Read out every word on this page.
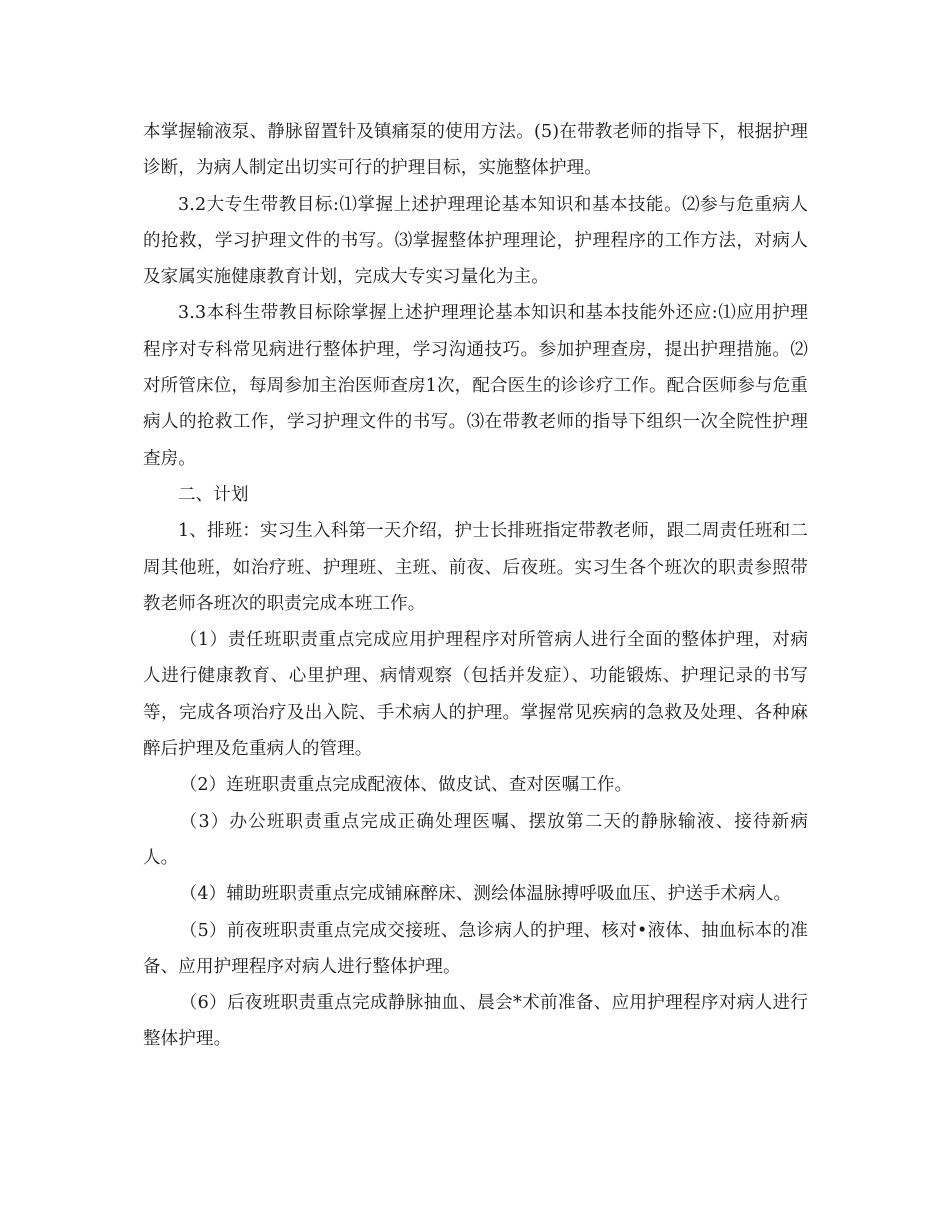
本掌握输液泵、静脉留置针及镇痛泵的使用方法。(5)在带教老师的指导下，根据护理诊断，为病人制定出切实可行的护理目标，实施整体护理。

3.2大专生带教目标:⑴掌握上述护理理论基本知识和基本技能。⑵参与危重病人的抢救，学习护理文件的书写。⑶掌握整体护理理论，护理程序的工作方法，对病人及家属实施健康教育计划，完成大专实习量化为主。

3.3本科生带教目标除掌握上述护理理论基本知识和基本技能外还应:⑴应用护理程序对专科常见病进行整体护理，学习沟通技巧。参加护理查房，提出护理措施。⑵对所管床位，每周参加主治医师查房1次，配合医生的诊诊疗工作。配合医师参与危重病人的抢救工作，学习护理文件的书写。⑶在带教老师的指导下组织一次全院性护理查房。

二、计划

1、排班：实习生入科第一天介绍，护士长排班指定带教老师，跟二周责任班和二周其他班，如治疗班、护理班、主班、前夜、后夜班。实习生各个班次的职责参照带教老师各班次的职责完成本班工作。

（1）责任班职责重点完成应用护理程序对所管病人进行全面的整体护理，对病人进行健康教育、心里护理、病情观察（包括并发症）、功能锻炼、护理记录的书写等，完成各项治疗及出入院、手术病人的护理。掌握常见疾病的急救及处理、各种麻醉后护理及危重病人的管理。

（2）连班职责重点完成配液体、做皮试、查对医嘱工作。

（3）办公班职责重点完成正确处理医嘱、摆放第二天的静脉输液、接待新病人。

（4）辅助班职责重点完成铺麻醉床、测绘体温脉搏呼吸血压、护送手术病人。

（5）前夜班职责重点完成交接班、急诊病人的护理、核对•液体、抽血标本的准备、应用护理程序对病人进行整体护理。

（6）后夜班职责重点完成静脉抽血、晨会*术前准备、应用护理程序对病人进行整体护理。
